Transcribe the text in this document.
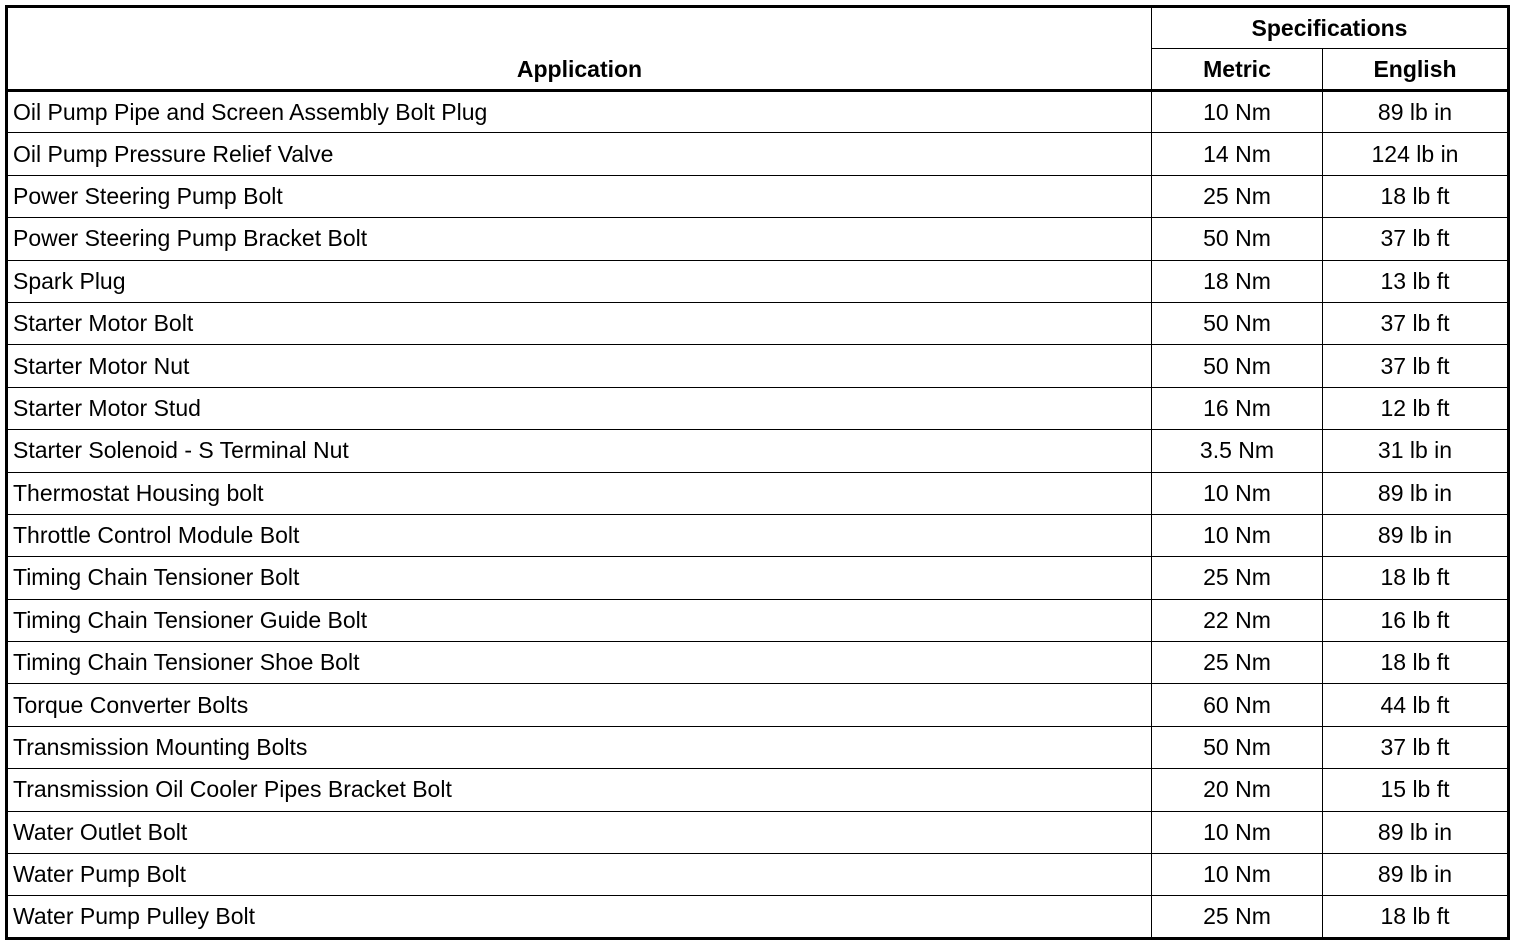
Application	Specifications	
	Metric	English
Oil Pump Pipe and Screen Assembly Bolt Plug	10 Nm	89 lb in
Oil Pump Pressure Relief Valve	14 Nm	124 lb in
Power Steering Pump Bolt	25 Nm	18 lb ft
Power Steering Pump Bracket Bolt	50 Nm	37 lb ft
Spark Plug	18 Nm	13 lb ft
Starter Motor Bolt	50 Nm	37 lb ft
Starter Motor Nut	50 Nm	37 lb ft
Starter Motor Stud	16 Nm	12 lb ft
Starter Solenoid - S Terminal Nut	3.5 Nm	31 lb in
Thermostat Housing bolt	10 Nm	89 lb in
Throttle Control Module Bolt	10 Nm	89 lb in
Timing Chain Tensioner Bolt	25 Nm	18 lb ft
Timing Chain Tensioner Guide Bolt	22 Nm	16 lb ft
Timing Chain Tensioner Shoe Bolt	25 Nm	18 lb ft
Torque Converter Bolts	60 Nm	44 lb ft
Transmission Mounting Bolts	50 Nm	37 lb ft
Transmission Oil Cooler Pipes Bracket Bolt	20 Nm	15 lb ft
Water Outlet Bolt	10 Nm	89 lb in
Water Pump Bolt	10 Nm	89 lb in
Water Pump Pulley Bolt	25 Nm	18 lb ft
